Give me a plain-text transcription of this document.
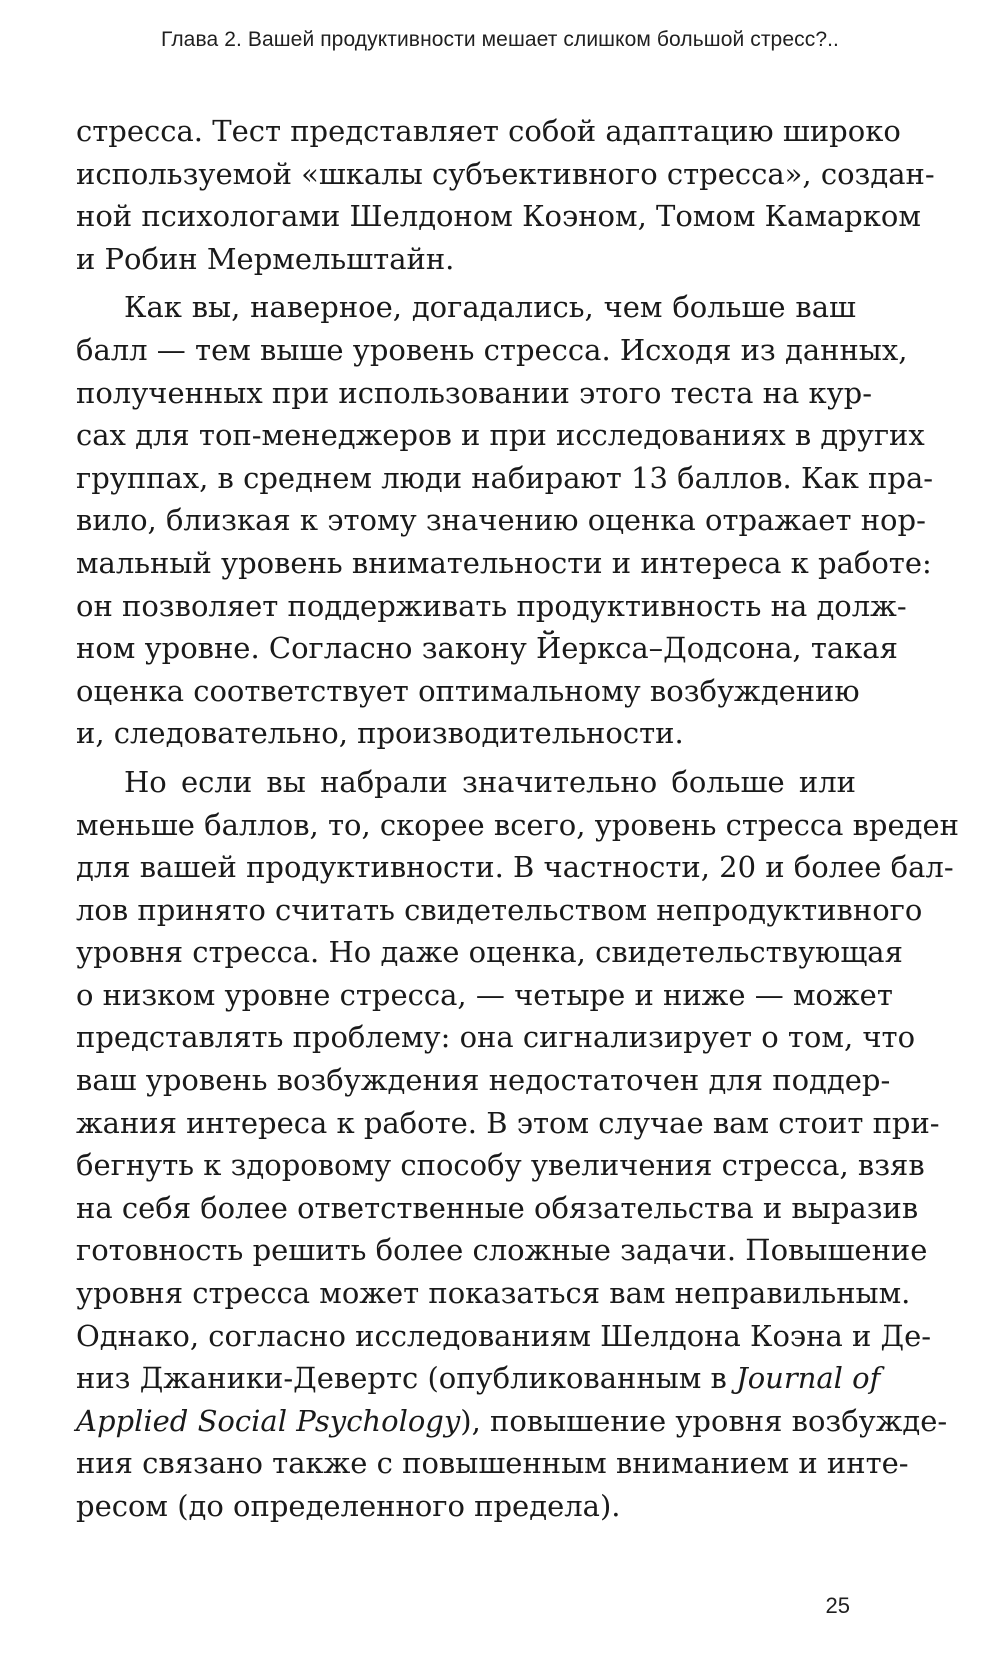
Глава 2. Вашей продуктивности мешает слишком большой стресс?..
стресса. Тест представляет собой адаптацию широко
используемой «шкалы субъективного стресса», создан-
ной психологами Шелдоном Коэном, Томом Камарком
и Робин Мермельштайн.
Как вы, наверное, догадались, чем больше ваш
балл — тем выше уровень стресса. Исходя из данных,
полученных при использовании этого теста на кур-
сах для топ-менеджеров и при исследованиях в других
группах, в среднем люди набирают 13 баллов. Как пра-
вило, близкая к этому значению оценка отражает нор-
мальный уровень внимательности и интереса к работе:
он позволяет поддерживать продуктивность на долж-
ном уровне. Согласно закону Йеркса–Додсона, такая
оценка соответствует оптимальному возбуждению
и, следовательно, производительности.
Но если вы набрали значительно больше или
меньше баллов, то, скорее всего, уровень стресса вреден
для вашей продуктивности. В частности, 20 и более бал-
лов принято считать свидетельством непродуктивного
уровня стресса. Но даже оценка, свидетельствующая
о низком уровне стресса, — четыре и ниже — может
представлять проблему: она сигнализирует о том, что
ваш уровень возбуждения недостаточен для поддер-
жания интереса к работе. В этом случае вам стоит при-
бегнуть к здоровому способу увеличения стресса, взяв
на себя более ответственные обязательства и выразив
готовность решить более сложные задачи. Повышение
уровня стресса может показаться вам неправильным.
Однако, согласно исследованиям Шелдона Коэна и Де-
низ Джаники-Девертс (опубликованным в Journal of
Applied Social Psychology), повышение уровня возбужде-
ния связано также с повышенным вниманием и инте-
ресом (до определенного предела).
25
